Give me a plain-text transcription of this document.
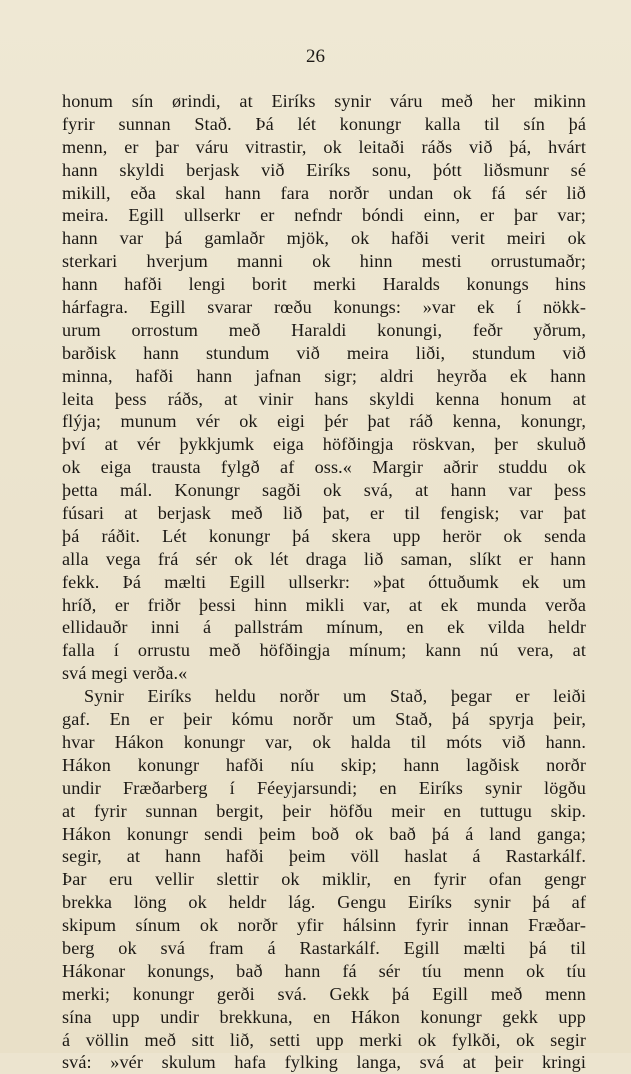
26
honum sín ørindi, at Eiríks synir váru með her mikinn
fyrir sunnan Stað. Þá lét konungr kalla til sín þá
menn, er þar váru vitrastir, ok leitaði ráðs við þá, hvárt
hann skyldi berjask við Eiríks sonu, þótt liðsmunr sé
mikill, eða skal hann fara norðr undan ok fá sér lið
meira. Egill ullserkr er nefndr bóndi einn, er þar var;
hann var þá gamlaðr mjök, ok hafði verit meiri ok
sterkari hverjum manni ok hinn mesti orrustumaðr;
hann hafði lengi borit merki Haralds konungs hins
hárfagra. Egill svarar rœðu konungs: »var ek í nökk-
urum orrostum með Haraldi konungi, feðr yðrum,
barðisk hann stundum við meira liði, stundum við
minna, hafði hann jafnan sigr; aldri heyrða ek hann
leita þess ráðs, at vinir hans skyldi kenna honum at
flýja; munum vér ok eigi þér þat ráð kenna, konungr,
því at vér þykkjumk eiga höfðingja röskvan, þer skuluð
ok eiga trausta fylgð af oss.« Margir aðrir studdu ok
þetta mál. Konungr sagði ok svá, at hann var þess
fúsari at berjask með lið þat, er til fengisk; var þat
þá ráðit. Lét konungr þá skera upp herör ok senda
alla vega frá sér ok lét draga lið saman, slíkt er hann
fekk. Þá mælti Egill ullserkr: »þat óttuðumk ek um
hríð, er friðr þessi hinn mikli var, at ek munda verða
ellidauðr inni á pallstrám mínum, en ek vilda heldr
falla í orrustu með höfðingja mínum; kann nú vera, at
svá megi verða.«
Synir Eiríks heldu norðr um Stað, þegar er leiði
gaf. En er þeir kómu norðr um Stað, þá spyrja þeir,
hvar Hákon konungr var, ok halda til móts við hann.
Hákon konungr hafði níu skip; hann lagðisk norðr
undir Fræðarberg í Féeyjarsundi; en Eiríks synir lögðu
at fyrir sunnan bergit, þeir höfðu meir en tuttugu skip.
Hákon konungr sendi þeim boð ok bað þá á land ganga;
segir, at hann hafði þeim völl haslat á Rastarkálf.
Þar eru vellir slettir ok miklir, en fyrir ofan gengr
brekka löng ok heldr lág. Gengu Eiríks synir þá af
skipum sínum ok norðr yfir hálsinn fyrir innan Fræðar-
berg ok svá fram á Rastarkálf. Egill mælti þá til
Hákonar konungs, bað hann fá sér tíu menn ok tíu
merki; konungr gerði svá. Gekk þá Egill með menn
sína upp undir brekkuna, en Hákon konungr gekk upp
á völlin með sitt lið, setti upp merki ok fylkði, ok segir
svá: »vér skulum hafa fylking langa, svá at þeir kringi
